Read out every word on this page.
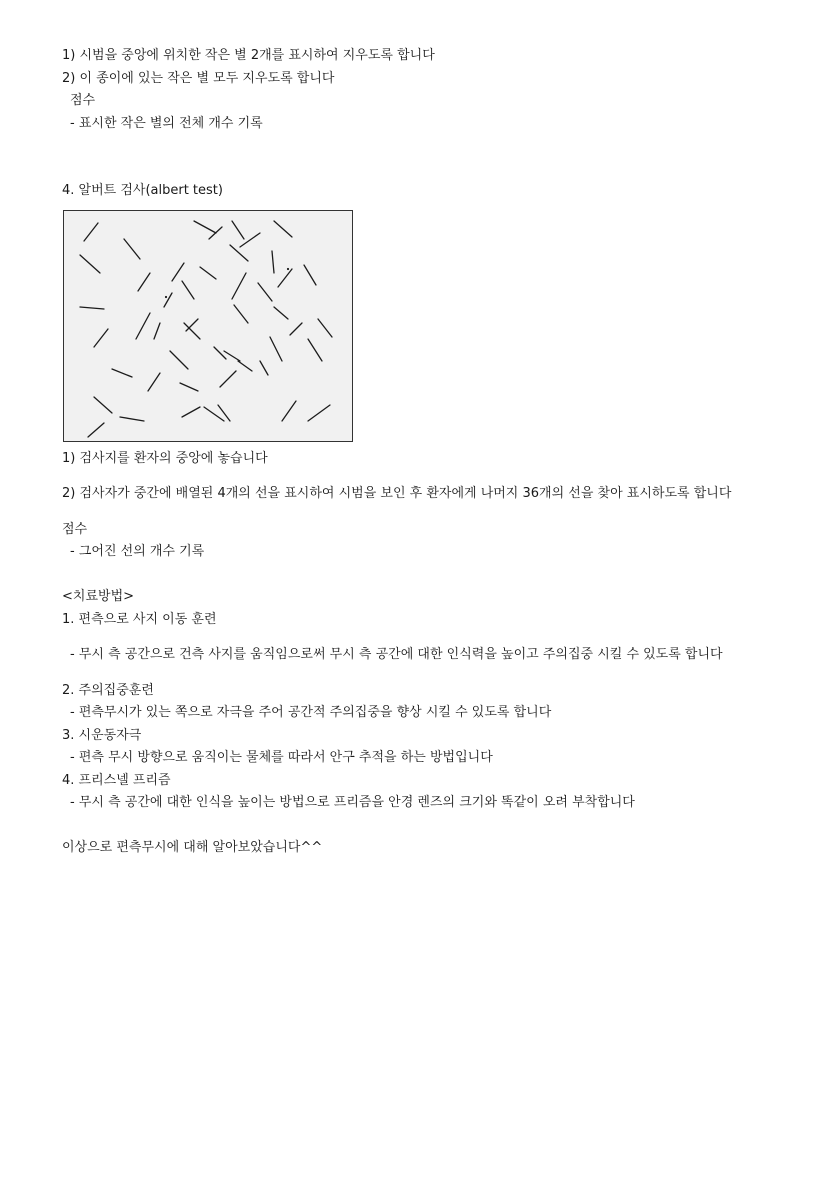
1) 시범을 중앙에 위치한 작은 별 2개를 표시하여 지우도록 합니다

2) 이 종이에 있는 작은 별 모두 지우도록 합니다

점수

- 표시한 작은 별의 전체 개수 기록

4. 알버트 검사(albert test)

1) 검사지를 환자의 중앙에 놓습니다

2) 검사자가 중간에 배열된 4개의 선을 표시하여 시범을 보인 후 환자에게 나머지 36개의 선을 찾아 표시하도록 합니다

점수

- 그어진 선의 개수 기록

<치료방법>

1. 편측으로 사지 이동 훈련

- 무시 측 공간으로 건측 사지를 움직임으로써 무시 측 공간에 대한 인식력을 높이고 주의집중 시킬 수 있도록 합니다

2. 주의집중훈련

- 편측무시가 있는 쪽으로 자극을 주어 공간적 주의집중을 향상 시킬 수 있도록 합니다

3. 시운동자극

- 편측 무시 방향으로 움직이는 물체를 따라서 안구 추적을 하는 방법입니다

4. 프리스넬 프리즘

- 무시 측 공간에 대한 인식을 높이는 방법으로 프리즘을 안경 렌즈의 크기와 똑같이 오려 부착합니다

이상으로 편측무시에 대해 알아보았습니다^^
